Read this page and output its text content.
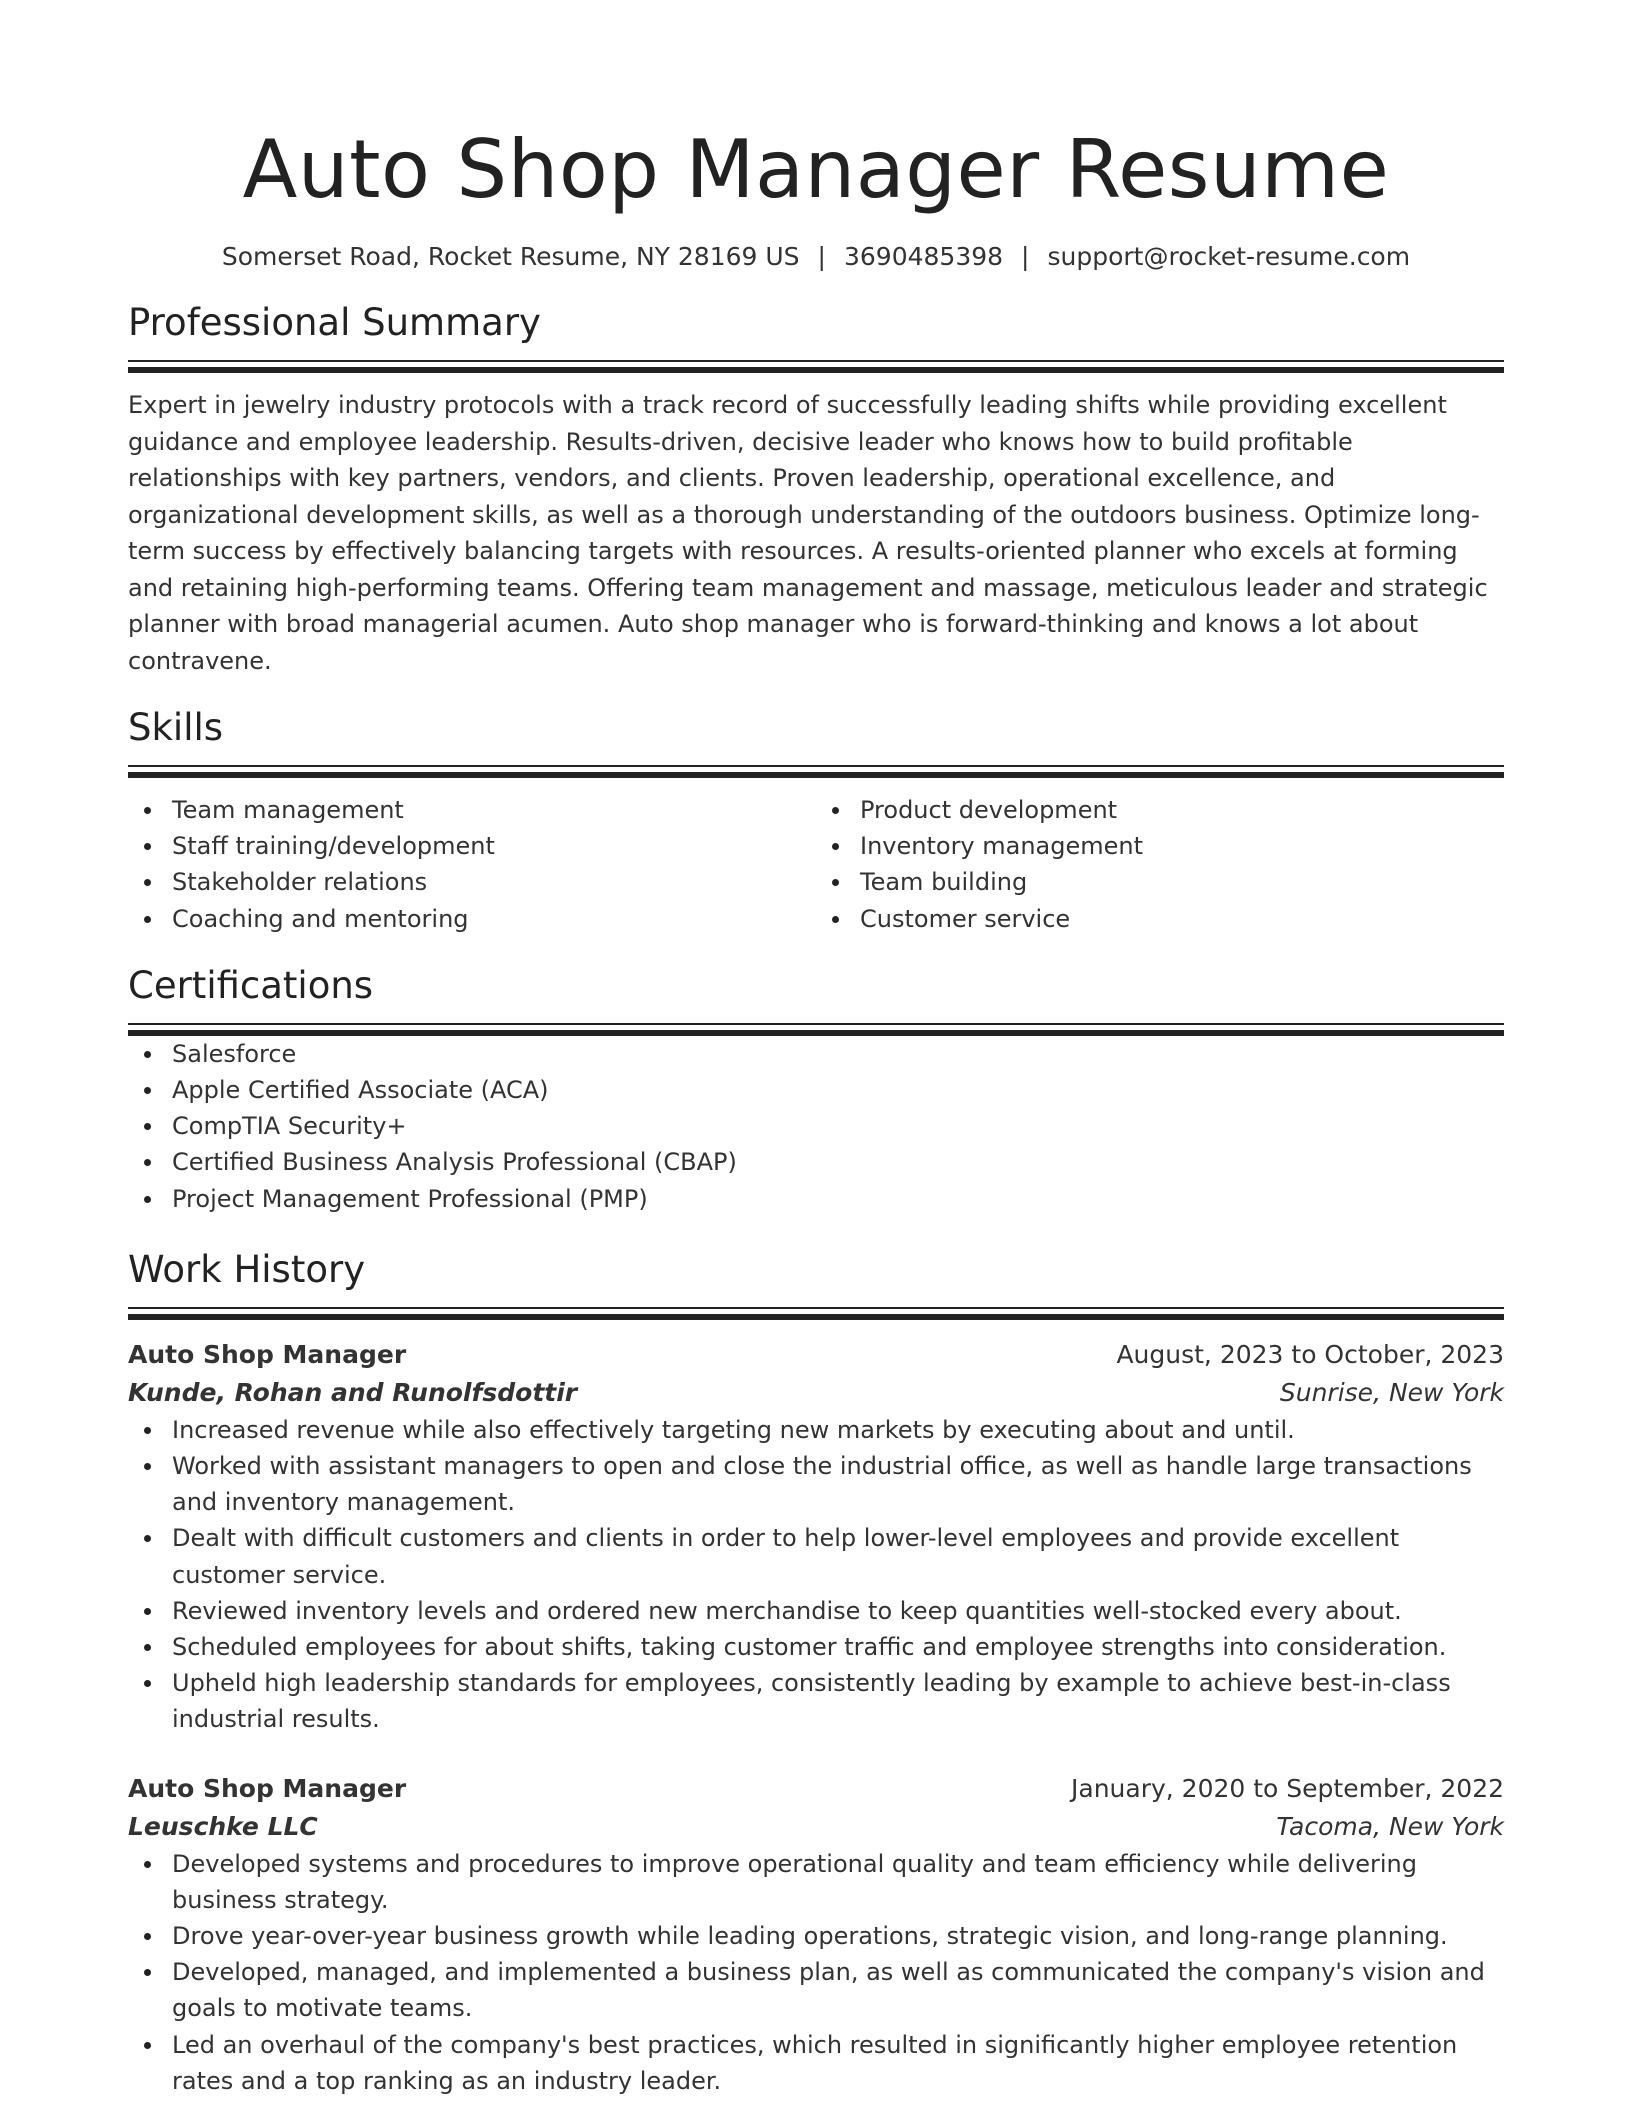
Auto Shop Manager Resume
Somerset Road, Rocket Resume, NY 28169 US | 3690485398 | support@rocket-resume.com
Professional Summary

Expert in jewelry industry protocols with a track record of successfully leading shifts while providing excellent guidance and employee leadership. Results-driven, decisive leader who knows how to build profitable relationships with key partners, vendors, and clients. Proven leadership, operational excellence, and organizational development skills, as well as a thorough understanding of the outdoors business. Optimize long-term success by effectively balancing targets with resources. A results-oriented planner who excels at forming and retaining high-performing teams. Offering team management and massage, meticulous leader and strategic planner with broad managerial acumen. Auto shop manager who is forward-thinking and knows a lot about contravene.

Skills
Team management
Staff training/development
Stakeholder relations
Coaching and mentoring
Product development
Inventory management
Team building
Customer service
Certifications
Salesforce
Apple Certified Associate (ACA)
CompTIA Security+
Certified Business Analysis Professional (CBAP)
Project Management Professional (PMP)
Work History
Auto Shop Manager	August, 2023 to October, 2023
Kunde, Rohan and Runolfsdottir	Sunrise, New York
Increased revenue while also effectively targeting new markets by executing about and until.
Worked with assistant managers to open and close the industrial office, as well as handle large transactions and inventory management.
Dealt with difficult customers and clients in order to help lower-level employees and provide excellent customer service.
Reviewed inventory levels and ordered new merchandise to keep quantities well-stocked every about.
Scheduled employees for about shifts, taking customer traffic and employee strengths into consideration.
Upheld high leadership standards for employees, consistently leading by example to achieve best-in-class industrial results.
Auto Shop Manager	January, 2020 to September, 2022
Leuschke LLC	Tacoma, New York
Developed systems and procedures to improve operational quality and team efficiency while delivering business strategy.
Drove year-over-year business growth while leading operations, strategic vision, and long-range planning.
Developed, managed, and implemented a business plan, as well as communicated the company's vision and goals to motivate teams.
Led an overhaul of the company's best practices, which resulted in significantly higher employee retention rates and a top ranking as an industry leader.
